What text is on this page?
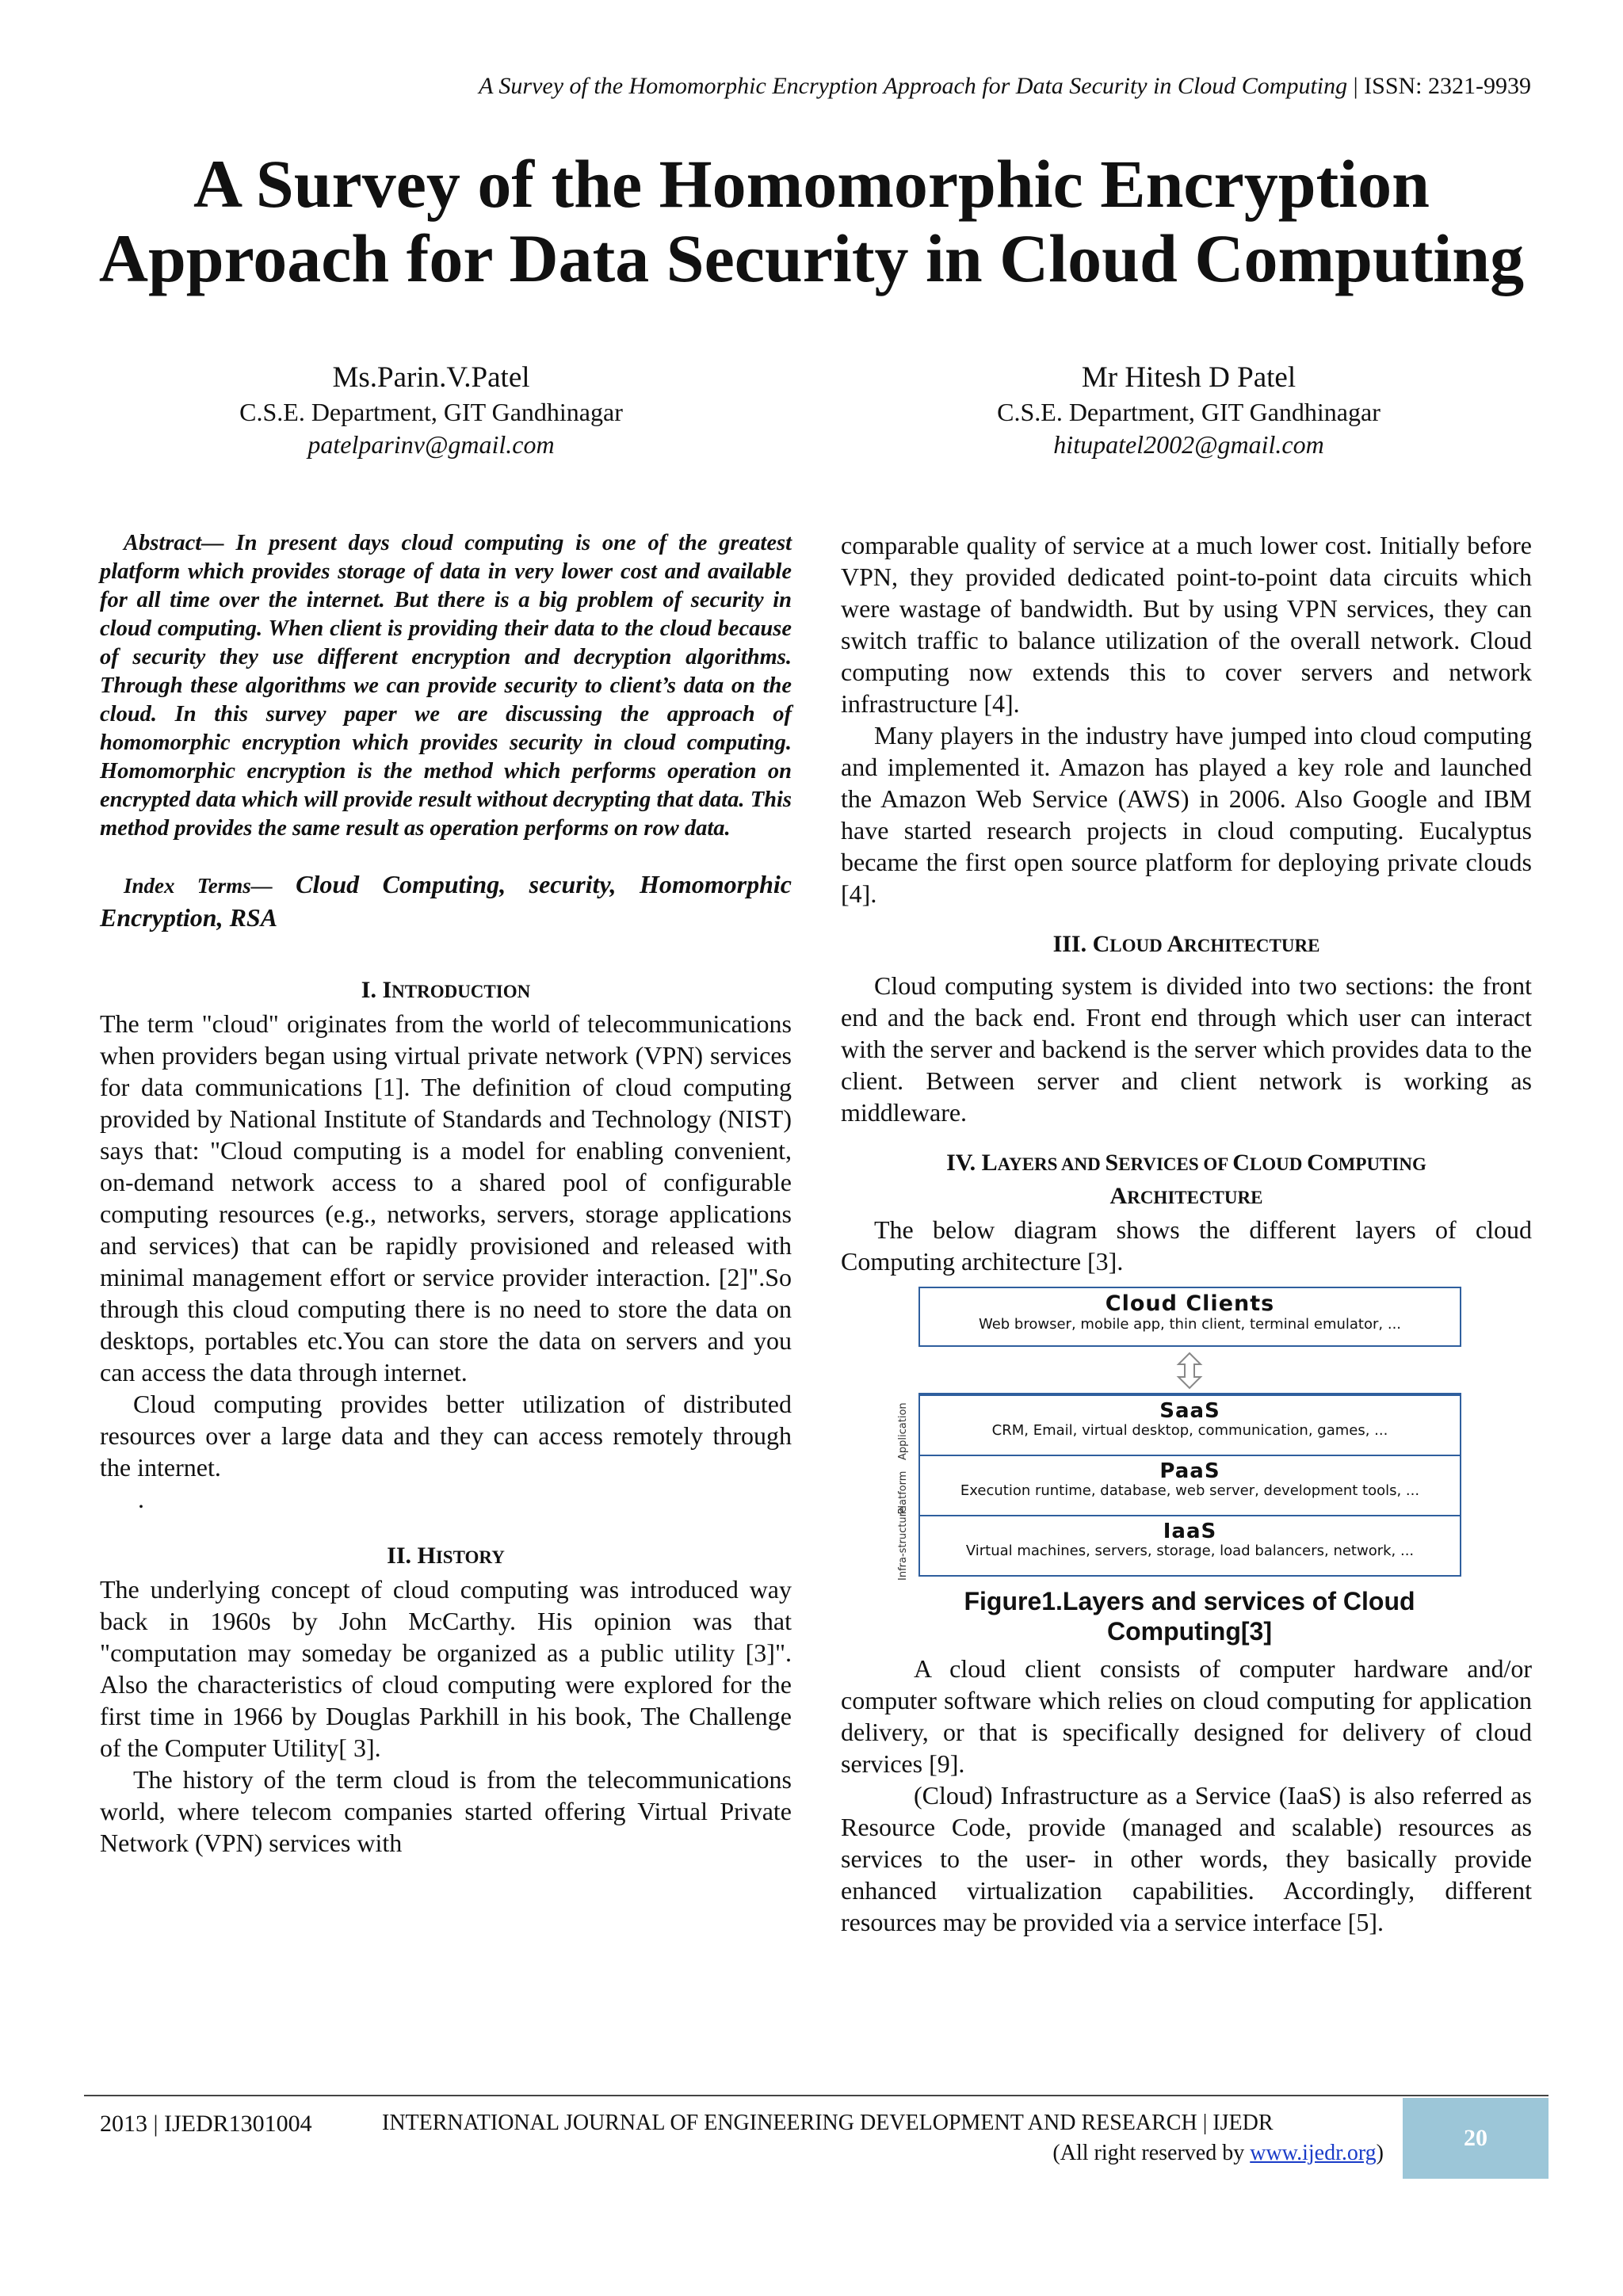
A Survey of the Homomorphic Encryption Approach for Data Security in Cloud Computing | ISSN: 2321-9939
A Survey of the Homomorphic Encryption
Approach for Data Security in Cloud Computing
Ms.Parin.V.Patel
C.S.E. Department, GIT Gandhinagar
patelparinv@gmail.com
Mr Hitesh D Patel
C.S.E. Department, GIT Gandhinagar
hitupatel2002@gmail.com

Abstract— In present days cloud computing is one of the greatest platform which provides storage of data in very lower cost and available for all time over the internet. But there is a big problem of security in cloud computing. When client is providing their data to the cloud because of security they use different encryption and decryption algorithms. Through these algorithms we can provide security to client’s data on the cloud. In this survey paper we are discussing the approach of homomorphic encryption which provides security in cloud computing. Homomorphic encryption is the method which performs operation on encrypted data which will provide result without decrypting that data. This method provides the same result as operation performs on row data.

Index Terms— Cloud Computing, security, Homomorphic Encryption, RSA

I. INTRODUCTION

The term "cloud" originates from the world of telecommunications when providers began using virtual private network (VPN) services for data communications [1]. The definition of cloud computing provided by National Institute of Standards and Technology (NIST) says that: "Cloud computing is a model for enabling convenient, on-demand network access to a shared pool of configurable computing resources (e.g., networks, servers, storage applications and services) that can be rapidly provisioned and released with minimal management effort or service provider interaction. [2]".So through this cloud computing there is no need to store the data on desktops, portables etc.You can store the data on servers and you can access the data through internet.

Cloud computing provides better utilization of distributed resources over a large data and they can access remotely through the internet.

.

II. HISTORY

The underlying concept of cloud computing was introduced way back in 1960s by John McCarthy. His opinion was that "computation may someday be organized as a public utility [3]". Also the characteristics of cloud computing were explored for the first time in 1966 by Douglas Parkhill in his book, The Challenge of the Computer Utility[ 3].

The history of the term cloud is from the telecommunications world, where telecom companies started offering Virtual Private Network (VPN) services with

comparable quality of service at a much lower cost. Initially before VPN, they provided dedicated point-to-point data circuits which were wastage of bandwidth. But by using VPN services, they can switch traffic to balance utilization of the overall network. Cloud computing now extends this to cover servers and network infrastructure [4].

Many players in the industry have jumped into cloud computing and implemented it. Amazon has played a key role and launched the Amazon Web Service (AWS) in 2006. Also Google and IBM have started research projects in cloud computing. Eucalyptus became the first open source platform for deploying private clouds [4].

III. CLOUD ARCHITECTURE

Cloud computing system is divided into two sections: the front end and the back end. Front end through which user can interact with the server and backend is the server which provides data to the client. Between server and client network is working as middleware.

IV. LAYERS AND SERVICES OF CLOUD COMPUTING
ARCHITECTURE

The below diagram shows the different layers of cloud Computing architecture [3].

Cloud Clients
Web browser, mobile app, thin client, terminal emulator, ...
Application
Platform
Infra-structure
SaaS
CRM, Email, virtual desktop, communication, games, ...
PaaS
Execution runtime, database, web server, development tools, ...
IaaS
Virtual machines, servers, storage, load balancers, network, ...

Figure1.Layers and services of Cloud Computing[3]

A cloud client consists of computer hardware and/or computer software which relies on cloud computing for application delivery, or that is specifically designed for delivery of cloud services [9].

(Cloud) Infrastructure as a Service (IaaS) is also referred as Resource Code, provide (managed and scalable) resources as services to the user- in other words, they basically provide enhanced virtualization capabilities. Accordingly, different resources may be provided via a service interface [5].

2013 | IJEDR1301004	INTERNATIONAL JOURNAL OF ENGINEERING DEVELOPMENT AND RESEARCH | IJEDR
(All right reserved by www.ijedr.org)
20
